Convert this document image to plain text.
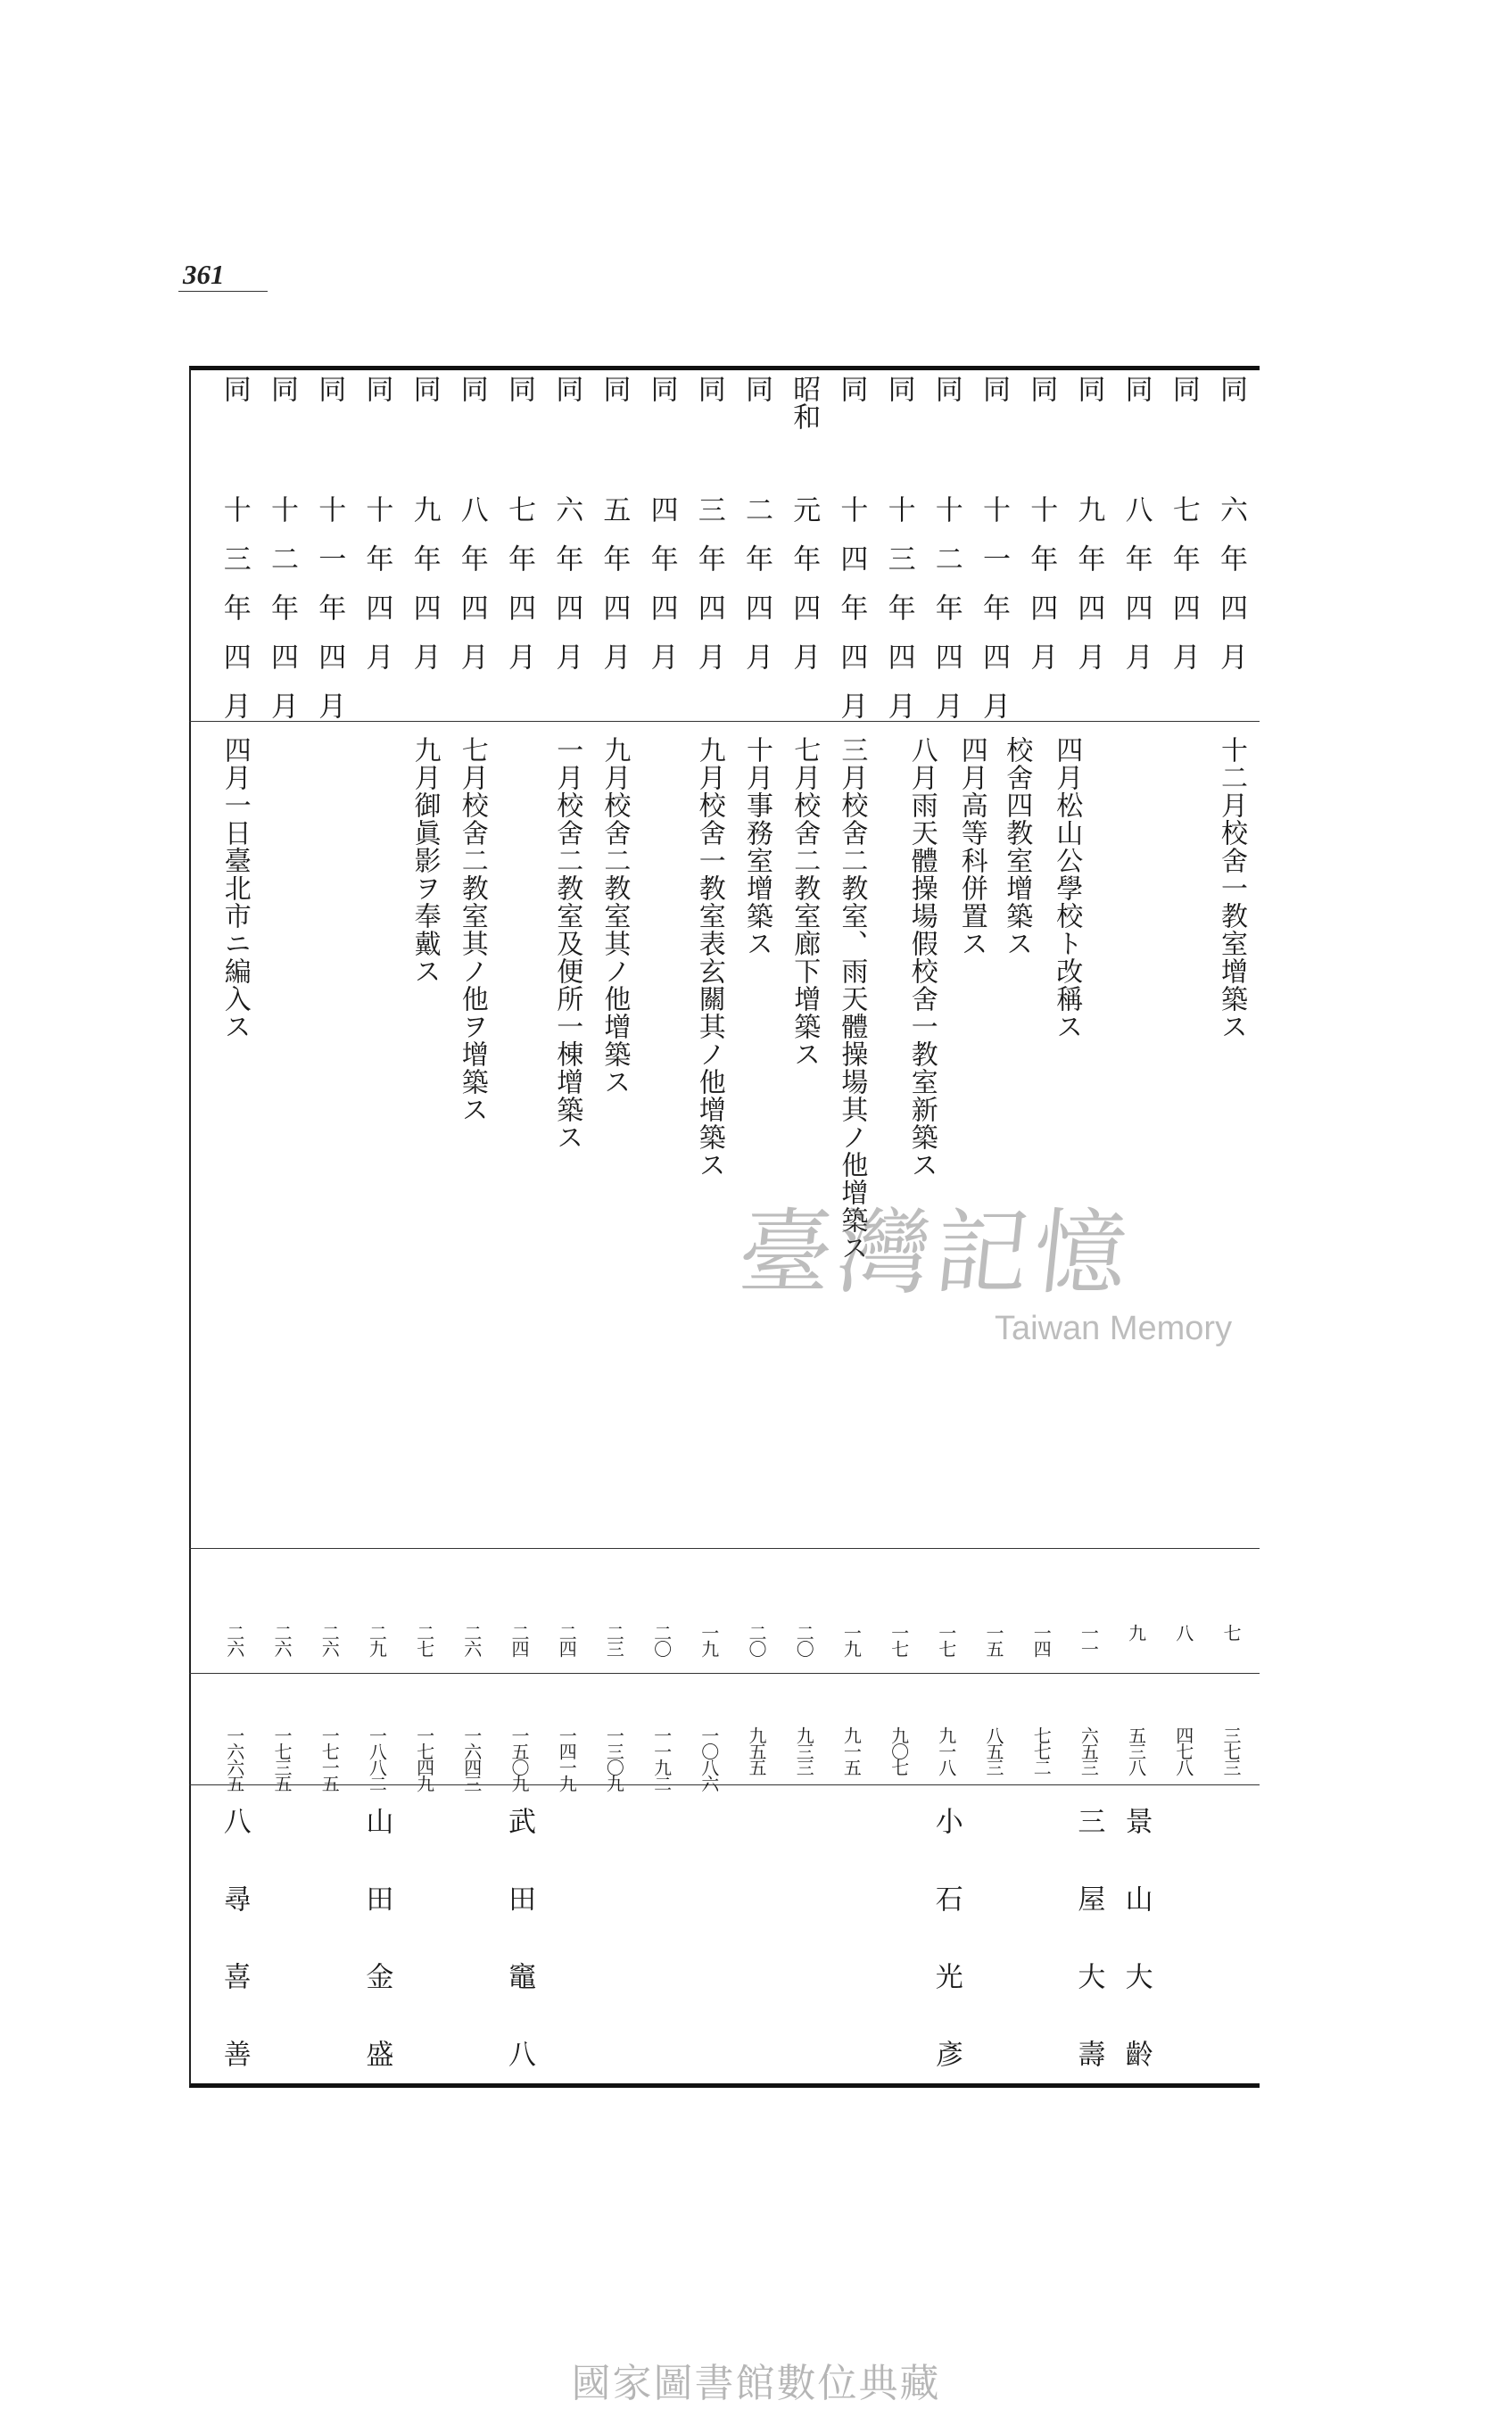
361
同
六年四月
七
三七三
十二月校舍一教室增築ス
同
七年四月
八
四七八
同
八年四月
九
五三八
景山大齡
同
九年四月
一一
六五三
三屋大壽
同
十年四月
一四
七七二
四月松山公學校ト改稱ス
校舍四教室增築ス
同
十一年四月
一五
八五三
同
十二年四月
一七
九一八
小石光彥
四月高等科併置ス
八月雨天體操場假校舍一教室新築ス
同
十三年四月
一七
九〇七
同
十四年四月
一九
九一五
三月校舍二教室、雨天體操場其ノ他增築ス
昭和
元年四月
二〇
九三三
七月校舍二教室廊下增築ス
同
二年四月
二〇
九五五
十月事務室增築ス
同
三年四月
一九
一〇八六
九月校舍一教室表玄關其ノ他增築ス
同
四年四月
二〇
一一九二
同
五年四月
二三
一三〇九
九月校舍二教室其ノ他增築ス
同
六年四月
二四
一四一九
一月校舍二教室及便所一棟增築ス
同
七年四月
二四
一五〇九
武田竈八
同
八年四月
二六
一六四三
七月校舍二教室其ノ他ヲ增築ス
同
九年四月
二七
一七四九
九月御眞影ヲ奉戴ス
同
十年四月
二九
一八八二
山田金盛
同
十一年四月
二六
一七一五
同
十二年四月
二六
一七三五
同
十三年四月
二六
一六六五
八尋喜善
四月一日臺北市ニ編入ス
臺灣記憶
Taiwan Memory
國家圖書館數位典藏
